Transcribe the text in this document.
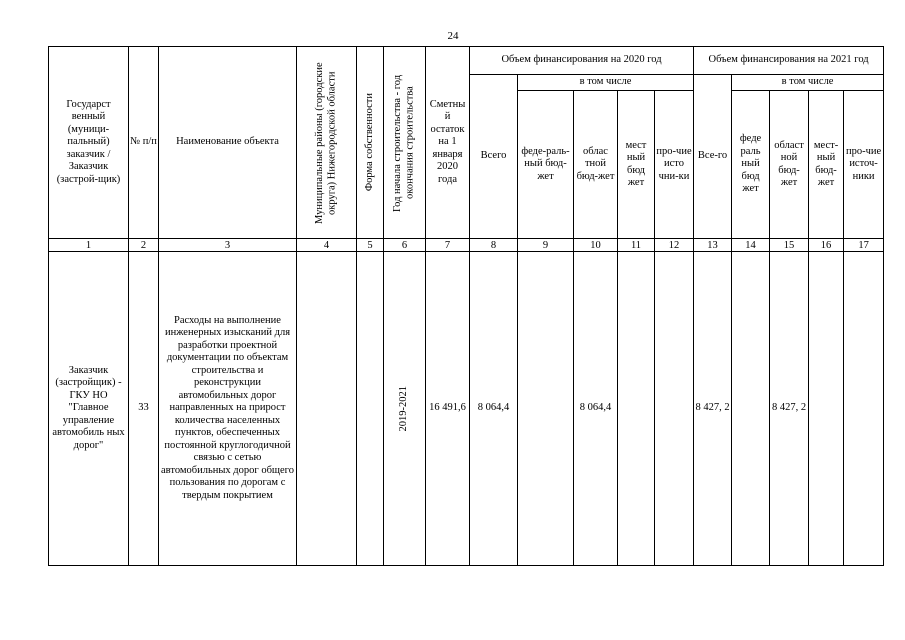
24
Государст венный (муници-пальный) заказчик / Заказчик (застрой-щик)	№ п/п	Наименование объекта	Муниципальные районы (городские округа) Нижегородской области	Форма собственности	Год начала строительства - год окончания строительства	Сметный остаток на 1 января 2020 года	Объем финансирования на 2020 год					Объем финансирования на 2021 год				
							Всего	в том числе				Все-го	в том числе			
								феде-раль-ный бюд-жет	облас тной бюд-жет	мест ный бюд жет	про-чие исто чни-ки		феде раль ный бюд жет	област ной бюд-жет	мест-ный бюд-жет	про-чие источ-ники
1	2	3	4	5	6	7	8	9	10	11	12	13	14	15	16	17
Заказчик (застройщик) - ГКУ НО "Главное управление автомобиль ных дорог"	33	Расходы на выполнение инженерных изысканий для разработки проектной документации по объектам строительства и реконструкции автомобильных дорог направленных на прирост количества населенных пунктов, обеспеченных постоянной круглогодичной связью с сетью автомобильных дорог общего пользования по дорогам с твердым покрытием			2019-2021	16 491,6	8 064,4		8 064,4			8 427, 2		8 427, 2		
